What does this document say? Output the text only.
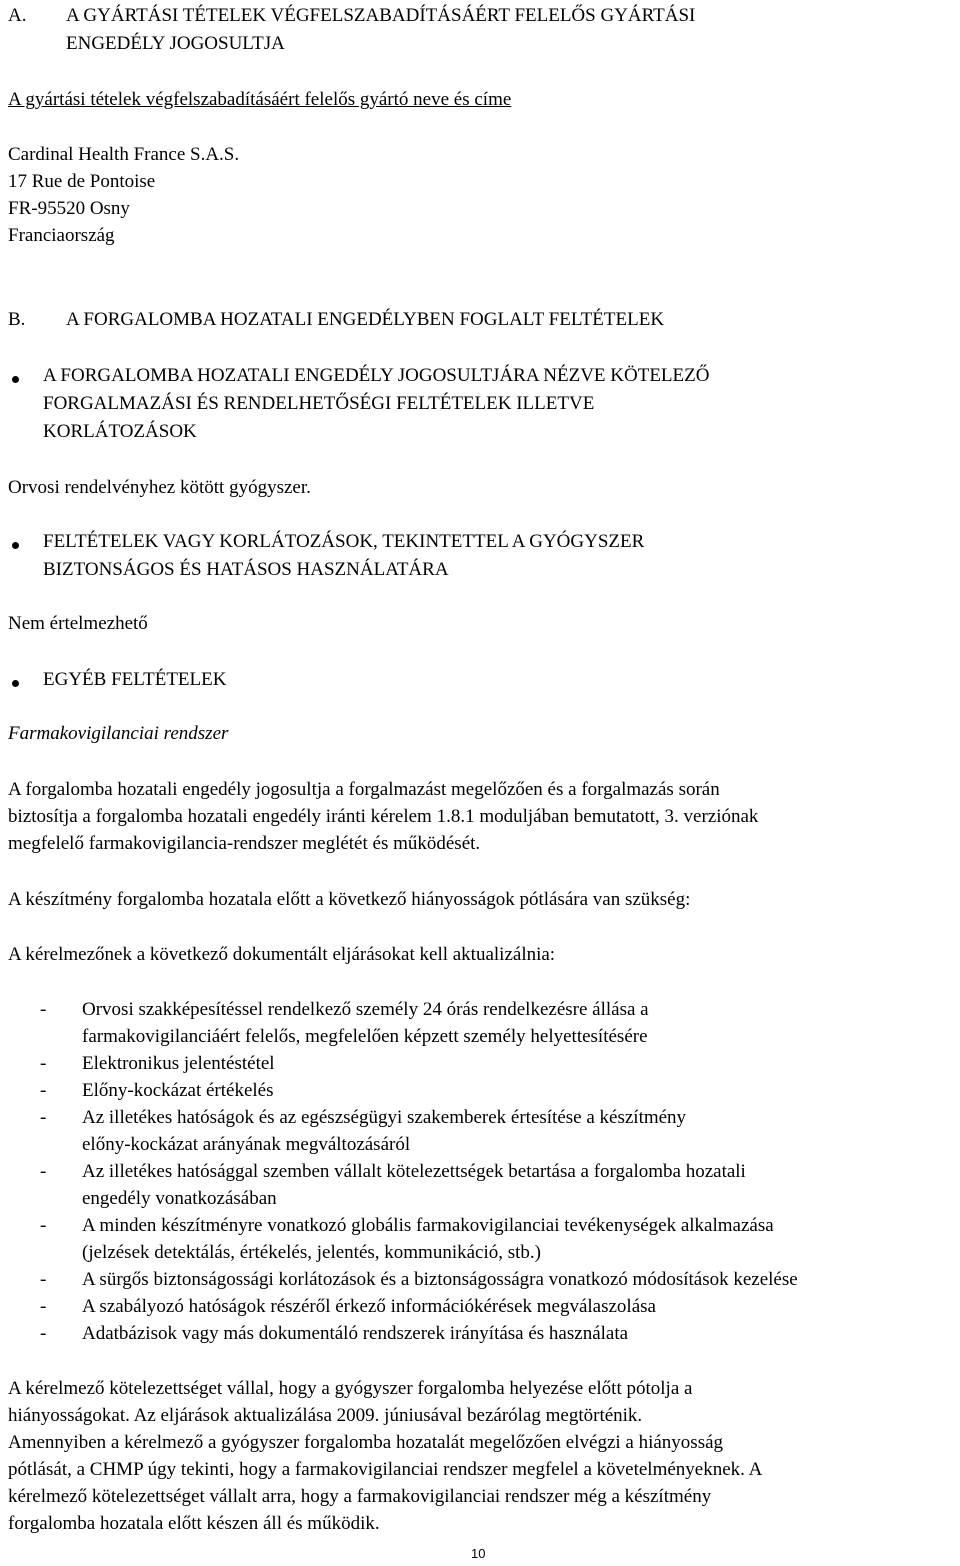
A. A GYÁRTÁSI TÉTELEK VÉGFELSZABADÍTÁSÁÉRT FELELŐS GYÁRTÁSI
ENGEDÉLY JOGOSULTJA
A gyártási tételek végfelszabadításáért felelős gyártó neve és címe
Cardinal Health France S.A.S.
17 Rue de Pontoise
FR-95520 Osny
Franciaország
B. A FORGALOMBA HOZATALI ENGEDÉLYBEN FOGLALT FELTÉTELEK
A FORGALOMBA HOZATALI ENGEDÉLY JOGOSULTJÁRA NÉZVE KÖTELEZŐ
FORGALMAZÁSI ÉS RENDELHETŐSÉGI FELTÉTELEK ILLETVE
KORLÁTOZÁSOK
Orvosi rendelvényhez kötött gyógyszer.
FELTÉTELEK VAGY KORLÁTOZÁSOK, TEKINTETTEL A GYÓGYSZER
BIZTONSÁGOS ÉS HATÁSOS HASZNÁLATÁRA
Nem értelmezhető
EGYÉB FELTÉTELEK
Farmakovigilanciai rendszer
A forgalomba hozatali engedély jogosultja a forgalmazást megelőzően és a forgalmazás során
biztosítja a forgalomba hozatali engedély iránti kérelem 1.8.1 moduljában bemutatott, 3. verziónak
megfelelő farmakovigilancia-rendszer meglétét és működését.
A készítmény forgalomba hozatala előtt a következő hiányosságok pótlására van szükség:
A kérelmezőnek a következő dokumentált eljárásokat kell aktualizálnia:
- Orvosi szakképesítéssel rendelkező személy 24 órás rendelkezésre állása a
farmakovigilanciáért felelős, megfelelően képzett személy helyettesítésére
- Elektronikus jelentéstétel
- Előny-kockázat értékelés
- Az illetékes hatóságok és az egészségügyi szakemberek értesítése a készítmény
előny-kockázat arányának megváltozásáról
- Az illetékes hatósággal szemben vállalt kötelezettségek betartása a forgalomba hozatali
engedély vonatkozásában
- A minden készítményre vonatkozó globális farmakovigilanciai tevékenységek alkalmazása
(jelzések detektálás, értékelés, jelentés, kommunikáció, stb.)
- A sürgős biztonságossági korlátozások és a biztonságosságra vonatkozó módosítások kezelése
- A szabályozó hatóságok részéről érkező információkérések megválaszolása
- Adatbázisok vagy más dokumentáló rendszerek irányítása és használata
A kérelmező kötelezettséget vállal, hogy a gyógyszer forgalomba helyezése előtt pótolja a
hiányosságokat. Az eljárások aktualizálása 2009. júniusával bezárólag megtörténik.
Amennyiben a kérelmező a gyógyszer forgalomba hozatalát megelőzően elvégzi a hiányosság
pótlását, a CHMP úgy tekinti, hogy a farmakovigilanciai rendszer megfelel a követelményeknek. A
kérelmező kötelezettséget vállalt arra, hogy a farmakovigilanciai rendszer még a készítmény
forgalomba hozatala előtt készen áll és működik.
10
